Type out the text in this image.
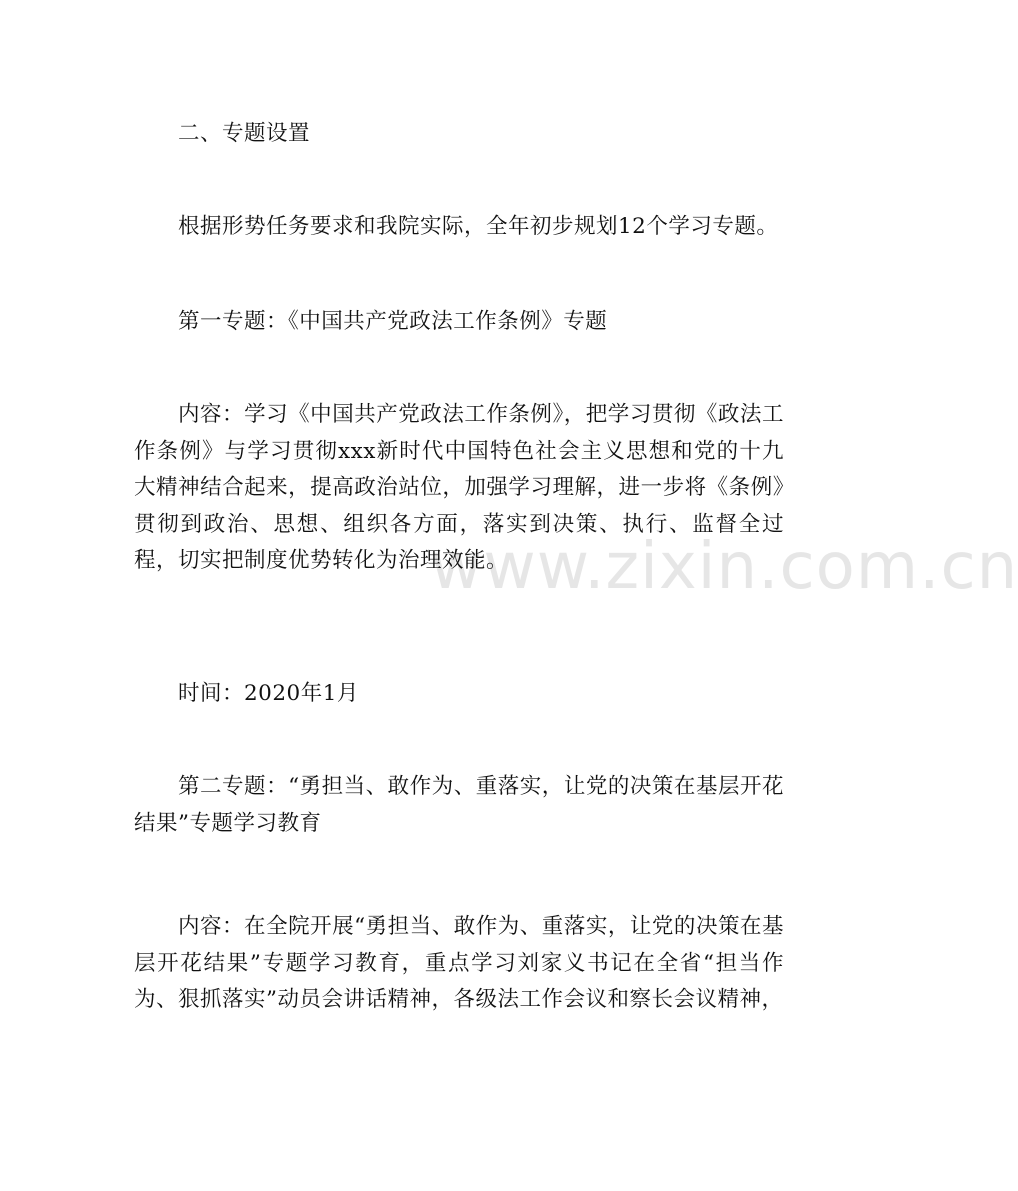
www.zixin.com.cn

二、专题设置

根据形势任务要求和我院实际，全年初步规划12个学习专题。

第一专题：《中国共产党政法工作条例》专题

内容：学习《中国共产党政法工作条例》，把学习贯彻《政法工作条例》与学习贯彻xxx新时代中国特色社会主义思想和党的十九大精神结合起来，提高政治站位，加强学习理解，进一步将《条例》贯彻到政治、思想、组织各方面，落实到决策、执行、监督全过程，切实把制度优势转化为治理效能。

时间：2020年1月

第二专题：“勇担当、敢作为、重落实，让党的决策在基层开花结果”专题学习教育

内容：在全院开展“勇担当、敢作为、重落实，让党的决策在基层开花结果”专题学习教育，重点学习刘家义书记在全省“担当作为、狠抓落实”动员会讲话精神，各级法工作会议和察长会议精神，
